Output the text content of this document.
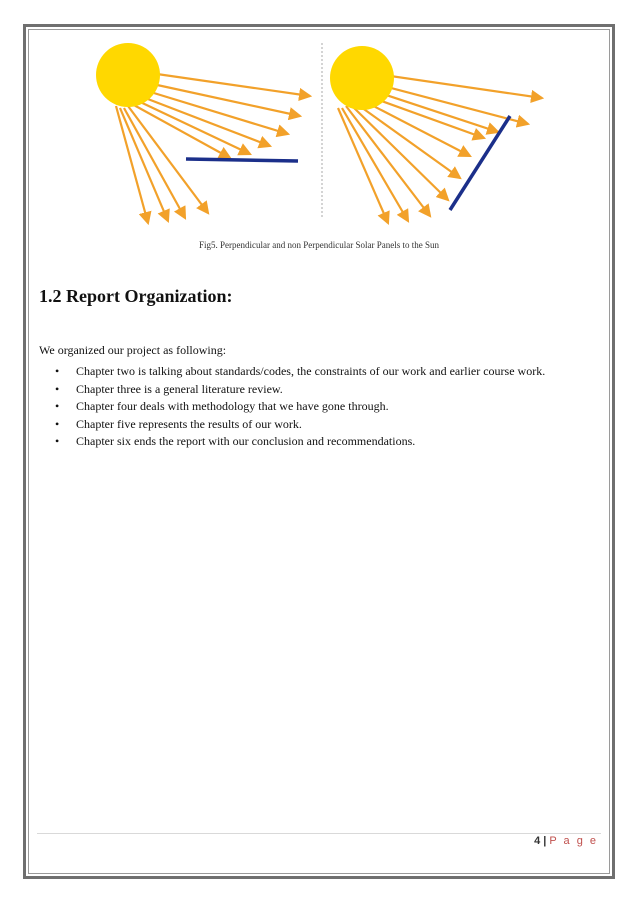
Fig5. Perpendicular and non Perpendicular Solar Panels to the Sun
1.2 Report Organization:

We organized our project as following:

• Chapter two is talking about standards/codes, the constraints of our work and earlier course work.
• Chapter three is a general literature review.
• Chapter four deals with methodology that we have gone through.
• Chapter five represents the results of our work.
• Chapter six ends the report with our conclusion and recommendations.
4 | P a g e
